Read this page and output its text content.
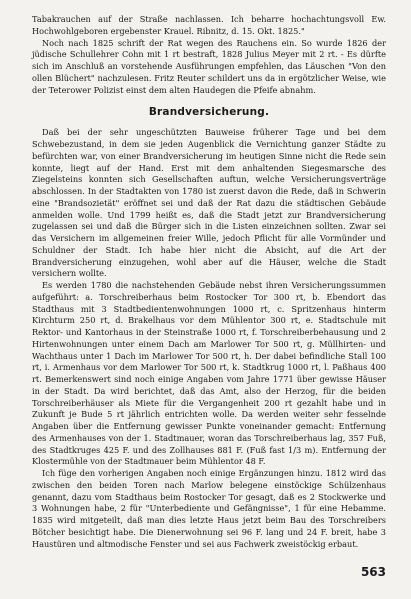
Tabakrauchen auf der Straße nachlassen. Ich beharre hochachtungsvoll Ew. Hochwohlgeboren ergebenster Krauel. Ribnitz, d. 15. Okt. 1825."

Noch nach 1825 schrift der Rat wegen des Rauchens ein. So wurde 1826 der jüdische Schullehrer Cohn mit 1 rt bestraft, 1828 Julius Meyer mit 2 rt. - Es dürfte sich im Anschluß an vorstehende Ausführungen empfehlen, das Läuschen "Von den ollen Blüchert" nachzulesen. Fritz Reuter schildert uns da in ergötzlicher Weise, wie der Teterower Polizist einst dem alten Haudegen die Pfeife abnahm.

Brandversicherung.

Daß bei der sehr ungeschützten Bauweise früherer Tage und bei dem Schwebezustand, in dem sie jeden Augenblick die Vernichtung ganzer Städte zu befürchten war, von einer Brandversicherung im heutigen Sinne nicht die Rede sein konnte, liegt auf der Hand. Erst mit dem anhaltenden Siegesmarsche des Ziegelsteins konnten sich Gesellschaften auftun, welche Versicherungsverträge abschlossen. In der Stadtakten von 1780 ist zuerst davon die Rede, daß in Schwerin eine "Brandsozietät" eröffnet sei und daß der Rat dazu die städtischen Gebäude anmelden wolle. Und 1799 heißt es, daß die Stadt jetzt zur Brandversicherung zugelassen sei und daß die Bürger sich in die Listen einzeichnen sollten. Zwar sei das Versichern im allgemeinen freier Wille, jedoch Pflicht für alle Vormünder und Schuldner der Stadt. Ich habe hier nicht die Absicht, auf die Art der Brandversicherung einzugehen, wohl aber auf die Häuser, welche die Stadt versichern wollte.

Es werden 1780 die nachstehenden Gebäude nebst ihren Versicherungssummen aufgeführt: a. Torschreiberhaus beim Rostocker Tor 300 rt, b. Ebendort das Stadthaus mit 3 Stadtbedientenwohnungen 1000 rt, c. Spritzenhaus hinterm Kirchturm 250 rt, d. Brakelhaus vor dem Mühlentor 300 rt, e. Stadtschule mit Rektor- und Kantorhaus in der Steinstraße 1000 rt, f. Torschreiberbehausung und 2 Hirtenwohnungen unter einem Dach am Marlower Tor 500 rt, g. Müllhirten- und Wachthaus unter 1 Dach im Marlower Tor 500 rt, h. Der dabei befindliche Stall 100 rt, i. Armenhaus vor dem Marlower Tor 500 rt, k. Stadtkrug 1000 rt, l. Paßhaus 400 rt. Bemerkenswert sind noch einige Angaben vom Jahre 1771 über gewisse Häuser in der Stadt. Da wird berichtet, daß das Amt, also der Herzog, für die beiden Torschreiberhäuser als Miete für die Vergangenheit 200 rt gezahlt habe und in Zukunft je Bude 5 rt jährlich entrichten wolle. Da werden weiter sehr fesselnde Angaben über die Entfernung gewisser Punkte voneinander gemacht: Entfernung des Armenhauses von der 1. Stadtmauer, woran das Torschreiberhaus lag, 357 Fuß, des Stadtkruges 425 F. und des Zollhauses 881 F. (Fuß fast 1/3 m). Entfernung der Klostermühle von der Stadtmauer beim Mühlentor 48 F.

Ich füge den vorherigen Angaben noch einige Ergänzungen hinzu. 1812 wird das zwischen den beiden Toren nach Marlow belegene einstöckige Schülzenhaus genannt, dazu vom Stadthaus beim Rostocker Tor gesagt, daß es 2 Stockwerke und 3 Wohnungen habe, 2 für "Unterbediente und Gefängnisse", 1 für eine Hebamme. 1835 wird mitgeteilt, daß man dies letzte Haus jetzt beim Bau des Torschreibers Bötcher besichtigt habe. Die Dienerwohnung sei 96 F. lang und 24 F. breit, habe 3 Haustüren und altmodische Fenster und sei aus Fachwerk zweistöckig erbaut.

563
